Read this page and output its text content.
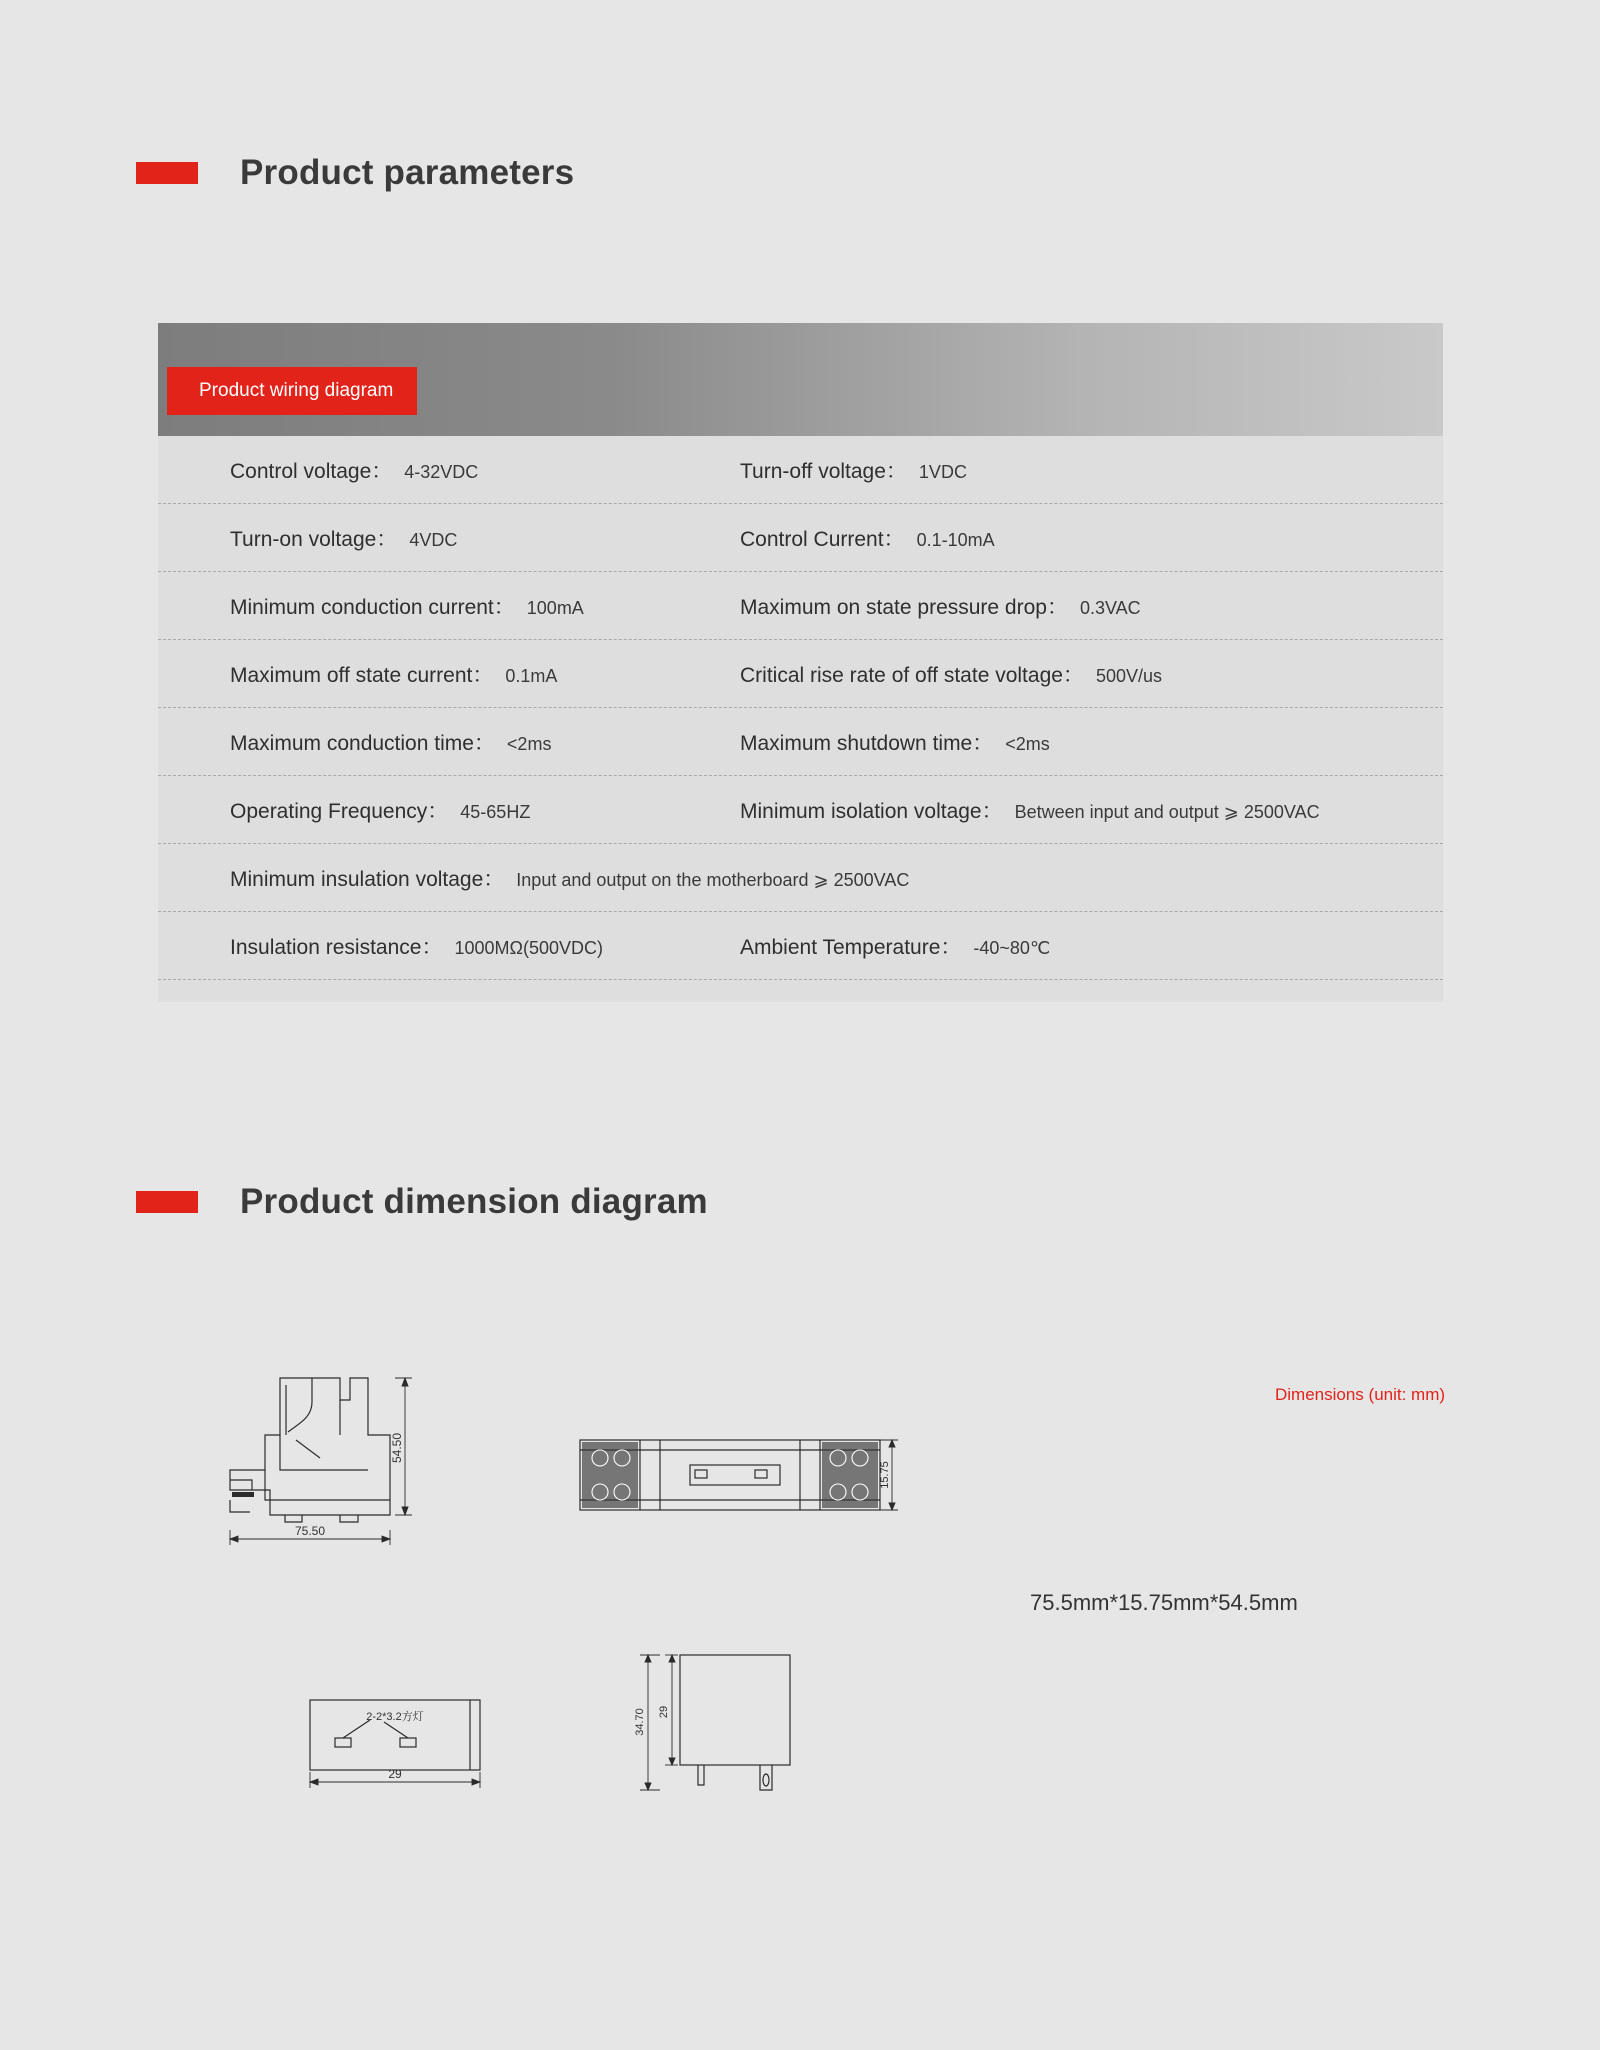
Product parameters
Product wiring diagram
Control voltage： 4-32VDC	Turn-off voltage： 1VDC
Turn-on voltage： 4VDC	Control Current： 0.1-10mA
Minimum conduction current： 100mA	Maximum on state pressure drop： 0.3VAC
Maximum off state current： 0.1mA	Critical rise rate of off state voltage： 500V/us
Maximum conduction time： <2ms	Maximum shutdown time： <2ms
Operating Frequency： 45-65HZ	Minimum isolation voltage： Between input and output ⩾ 2500VAC
Minimum insulation voltage： Input and output on the motherboard ⩾ 2500VAC
Insulation resistance： 1000MΩ(500VDC)	Ambient Temperature： -40~80℃
Product dimension diagram
Dimensions (unit: mm)
75.5mm*15.75mm*54.5mm
75.50
54.50
15.75
2-2*3.2方灯
29
29
34.70
